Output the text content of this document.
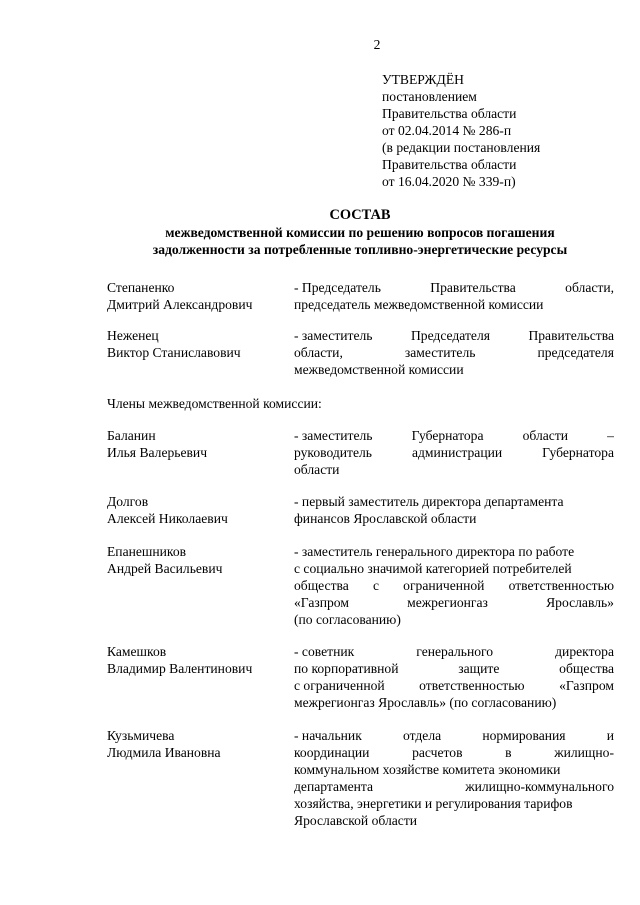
2
УТВЕРЖДЁН
постановлением
Правительства области
от 02.04.2014 № 286-п
(в редакции постановления
Правительства области
от 16.04.2020 № 339-п)
СОСТАВ
межведомственной комиссии по решению вопросов погашения
задолженности за потребленные топливно-энергетические ресурсы
Степаненко
Дмитрий Александрович
- Председатель	Правительства	области,
председатель межведомственной комиссии
Неженец
Виктор Станиславович
- заместитель	Председателя	Правительства
области,	заместитель	председателя
межведомственной комиссии
Члены межведомственной комиссии:
Баланин
Илья Валерьевич
- заместитель	Губернатора	области	–
руководитель	администрации	Губернатора
области
Долгов
Алексей Николаевич
- первый заместитель директора департамента
финансов Ярославской области
Епанешников
Андрей Васильевич
- заместитель генерального директора по работе
с социально значимой категорией потребителей
общества с ограниченной ответственностью
«Газпром	межрегионгаз	Ярославль»
(по согласованию)
Камешков
Владимир Валентинович
- советник	генерального	директора
по корпоративной	защите	общества
с ограниченной	ответственностью	«Газпром
межрегионгаз Ярославль» (по согласованию)
Кузьмичева
Людмила Ивановна
- начальник	отдела	нормирования	и
координации	расчетов	в	жилищно-
коммунальном хозяйстве комитета экономики
департамента	жилищно-коммунального
хозяйства, энергетики и регулирования тарифов
Ярославской области
